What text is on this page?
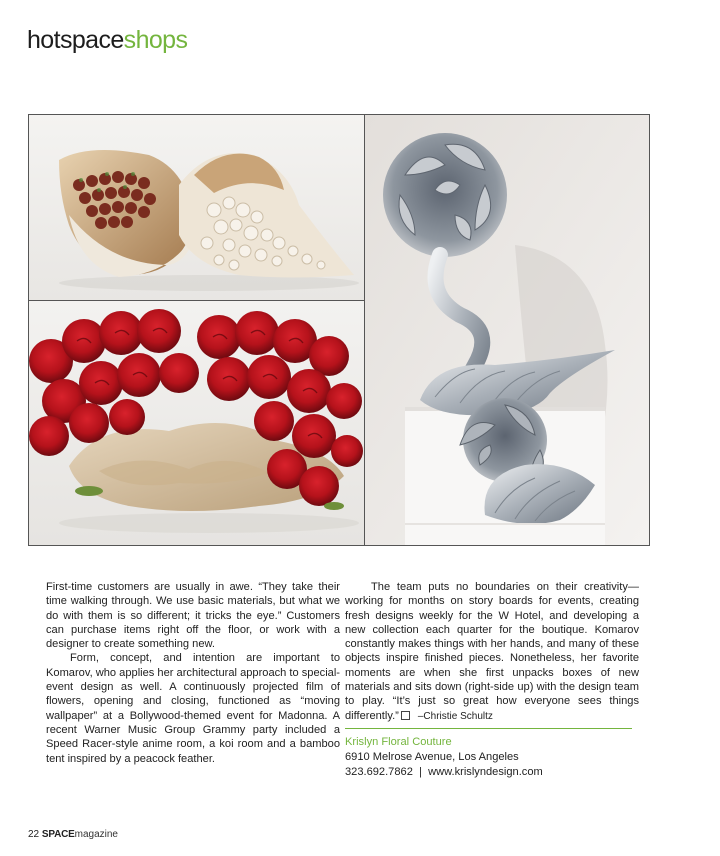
hotspaceshops

First-time customers are usually in awe. “They take their time walking through. We use basic materials, but what we do with them is so different; it tricks the eye.” Customers can purchase items right off the floor, or work with a designer to create something new.

Form, concept, and intention are important to Komarov, who applies her architectural approach to special-event design as well. A continuously projected film of flowers, opening and closing, functioned as “moving wallpaper” at a Bollywood-themed event for Madonna. A recent Warner Music Group Grammy party included a Speed Racer-style anime room, a koi room and a bamboo tent inspired by a peacock feather.

The team puts no boundaries on their creativity—working for months on story boards for events, creating fresh designs weekly for the W Hotel, and developing a new collection each quarter for the boutique. Komarov constantly makes things with her hands, and many of these objects inspire finished pieces. Nonetheless, her favorite moments are when she first unpacks boxes of new materials and sits down (right-side up) with the design team to play. “It’s just so great how everyone sees things differently.” –Christie Schultz

Krislyn Floral Couture
6910 Melrose Avenue, Los Angeles
323.692.7862  |  www.krislyndesign.com
22 SPACEmagazine
